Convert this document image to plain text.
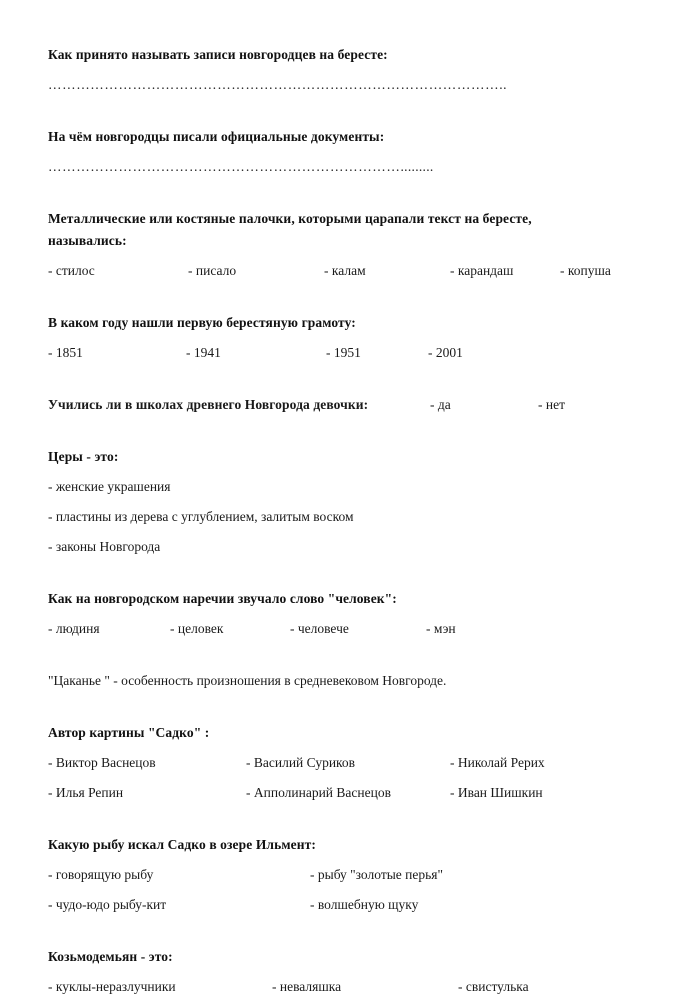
Как принято называть записи новгородцев на бересте:
……………………………………………………………………………………..
На чём новгородцы писали официальные документы:
………………………………………………………………….........
Металлические или костяные палочки, которыми царапали текст на бересте,
назывались:
- стилос	- писало	- калам	- карандаш	- копуша
В каком году нашли первую берестяную грамоту:
- 1851	- 1941	- 1951	- 2001
Учились ли в школах древнего Новгорода девочки:	- да	- нет
Церы - это:
- женские украшения
- пластины из дерева с углублением, залитым воском
- законы Новгорода
Как на новгородском наречии звучало слово "человек":
- людиня	- целовек	- человече	- мэн
"Цаканье " - особенность произношения в средневековом Новгороде.
Автор картины "Садко" :
- Виктор Васнецов	- Василий Суриков	- Николай Рерих
- Илья Репин	- Апполинарий Васнецов	- Иван Шишкин
Какую рыбу искал Садко в озере Ильмент:
- говорящую рыбу	- рыбу "золотые перья"
- чудо-юдо рыбу-кит	- волшебную щуку
Козьмодемьян - это:
- куклы-неразлучники	- неваляшка	- свистулька
